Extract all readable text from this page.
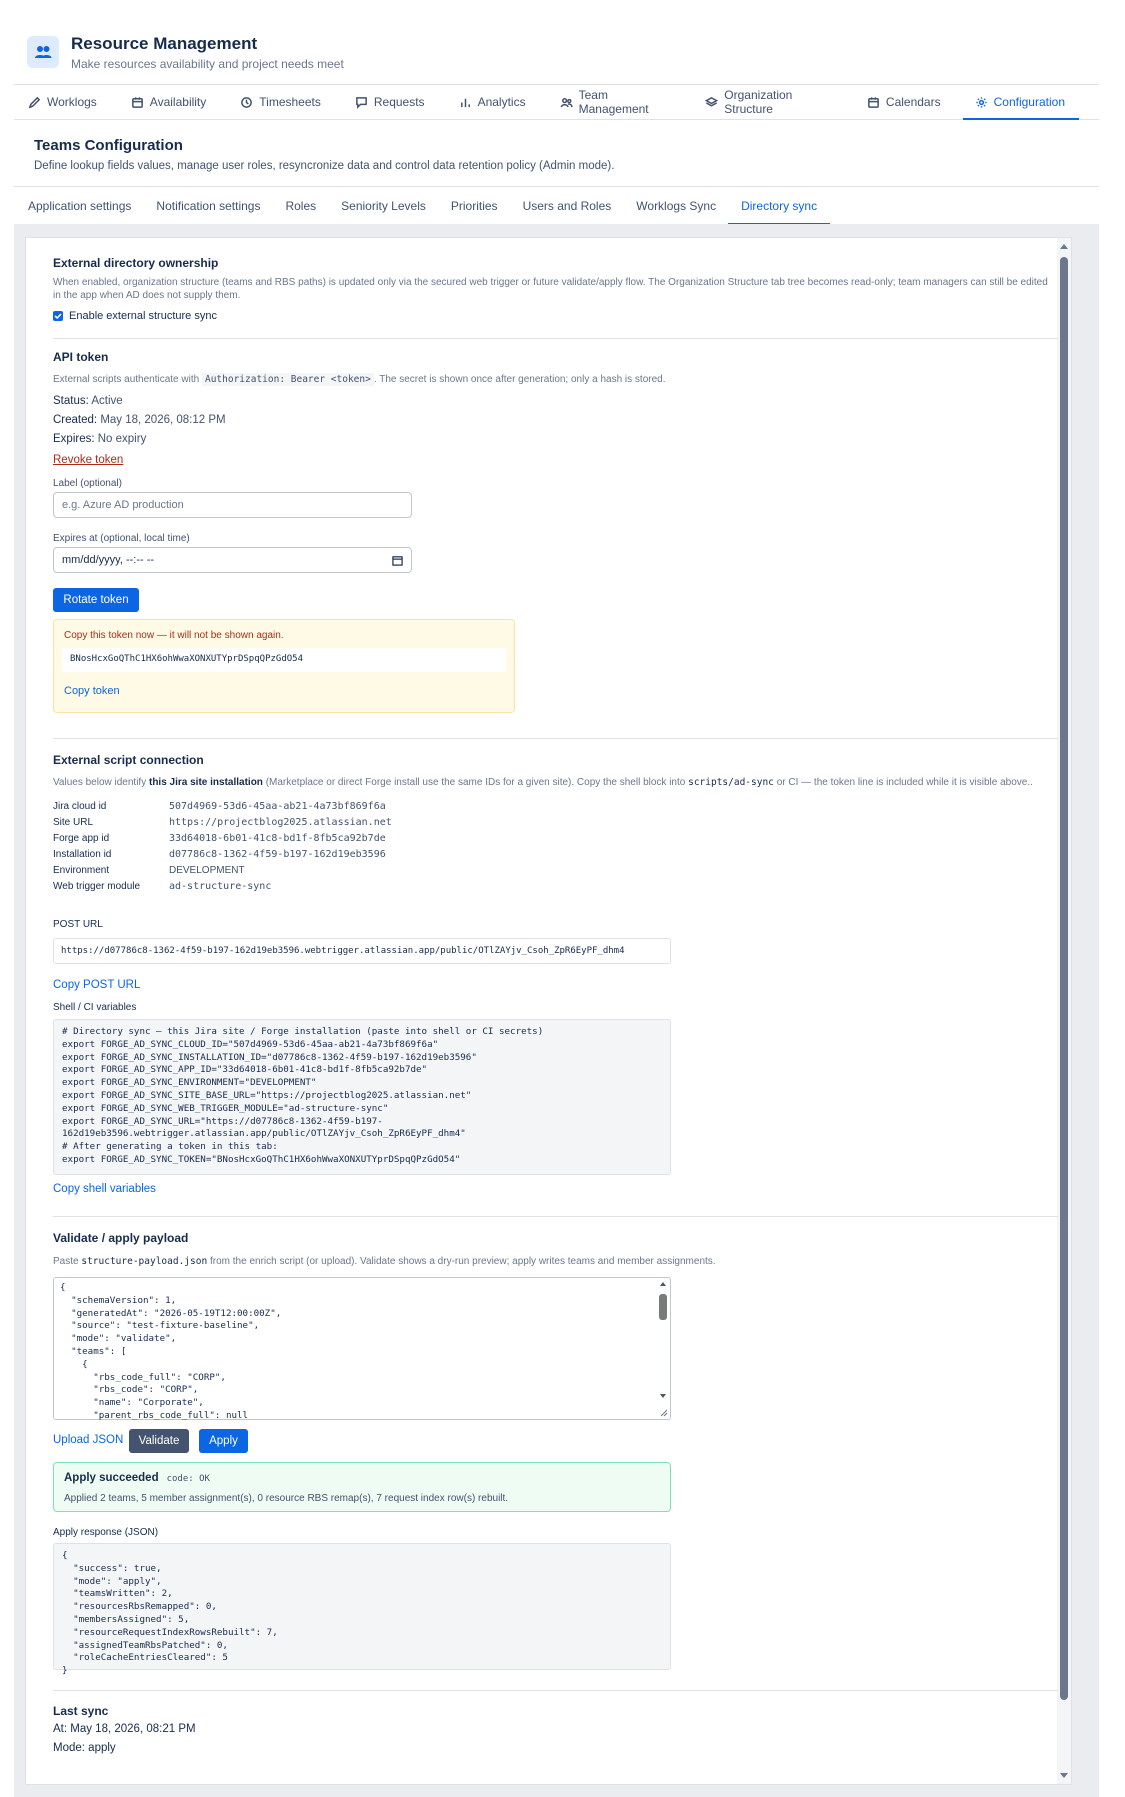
Resource Management
Make resources availability and project needs meet
Worklogs	Availability	Timesheets	Requests	Analytics	Team Management
Organization Structure	Calendars	Configuration
Teams Configuration
Define lookup fields values, manage user roles, resyncronize data and control data retention policy (Admin mode).
Application settings Notification settings Roles Seniority Levels Priorities Users and Roles Worklogs Sync Directory sync
External directory ownership
When enabled, organization structure (teams and RBS paths) is updated only via the secured web trigger or future validate/apply flow. The Organization Structure tab tree becomes read-only; team managers can still be edited in the app when AD does not supply them.
Enable external structure sync
API token
External scripts authenticate with Authorization: Bearer <token> . The secret is shown once after generation; only a hash is stored.
Status: Active
Created: May 18, 2026, 08:12 PM
Expires: No expiry
Revoke token
Label (optional)
e.g. Azure AD production
Expires at (optional, local time)
mm/dd/yyyy, --:-- --
Rotate token
Copy this token now — it will not be shown again.
BNosHcxGoQThC1HX6ohWwaXONXUTYprDSpqQPzGdO54
Copy token
External script connection
Values below identify this Jira site installation (Marketplace or direct Forge install use the same IDs for a given site). Copy the shell block into scripts/ad-sync or CI — the token line is included while it is visible above..
Jira cloud id	507d4969-53d6-45aa-ab21-4a73bf869f6a
Site URL	https://projectblog2025.atlassian.net
Forge app id	33d64018-6b01-41c8-bd1f-8fb5ca92b7de
Installation id	d07786c8-1362-4f59-b197-162d19eb3596
Environment	DEVELOPMENT
Web trigger module	ad-structure-sync
POST URL
https://d07786c8-1362-4f59-b197-162d19eb3596.webtrigger.atlassian.app/public/OTlZAYjv_Csoh_ZpR6EyPF_dhm4
Copy POST URL
Shell / CI variables
# Directory sync — this Jira site / Forge installation (paste into shell or CI secrets)
export FORGE_AD_SYNC_CLOUD_ID="507d4969-53d6-45aa-ab21-4a73bf869f6a"
export FORGE_AD_SYNC_INSTALLATION_ID="d07786c8-1362-4f59-b197-162d19eb3596"
export FORGE_AD_SYNC_APP_ID="33d64018-6b01-41c8-bd1f-8fb5ca92b7de"
export FORGE_AD_SYNC_ENVIRONMENT="DEVELOPMENT"
export FORGE_AD_SYNC_SITE_BASE_URL="https://projectblog2025.atlassian.net"
export FORGE_AD_SYNC_WEB_TRIGGER_MODULE="ad-structure-sync"
export FORGE_AD_SYNC_URL="https://d07786c8-1362-4f59-b197-
162d19eb3596.webtrigger.atlassian.app/public/OTlZAYjv_Csoh_ZpR6EyPF_dhm4"
# After generating a token in this tab:
export FORGE_AD_SYNC_TOKEN="BNosHcxGoQThC1HX6ohWwaXONXUTYprDSpqQPzGdO54"
Copy shell variables
Validate / apply payload
Paste structure-payload.json from the enrich script (or upload). Validate shows a dry-run preview; apply writes teams and member assignments.
{
"schemaVersion": 1,
"generatedAt": "2026-05-19T12:00:00Z",
"source": "test-fixture-baseline",
"mode": "validate",
"teams": [
{
"rbs_code_full": "CORP",
"rbs_code": "CORP",
"name": "Corporate",
"parent_rbs_code_full": null
Upload JSON	Validate	Apply
Apply succeeded code: OK
Applied 2 teams, 5 member assignment(s), 0 resource RBS remap(s), 7 request index row(s) rebuilt.
Apply response (JSON)
{
"success": true,
"mode": "apply",
"teamsWritten": 2,
"resourcesRbsRemapped": 0,
"membersAssigned": 5,
"resourceRequestIndexRowsRebuilt": 7,
"assignedTeamRbsPatched": 0,
"roleCacheEntriesCleared": 5
}
Last sync
At: May 18, 2026, 08:21 PM
Mode: apply
